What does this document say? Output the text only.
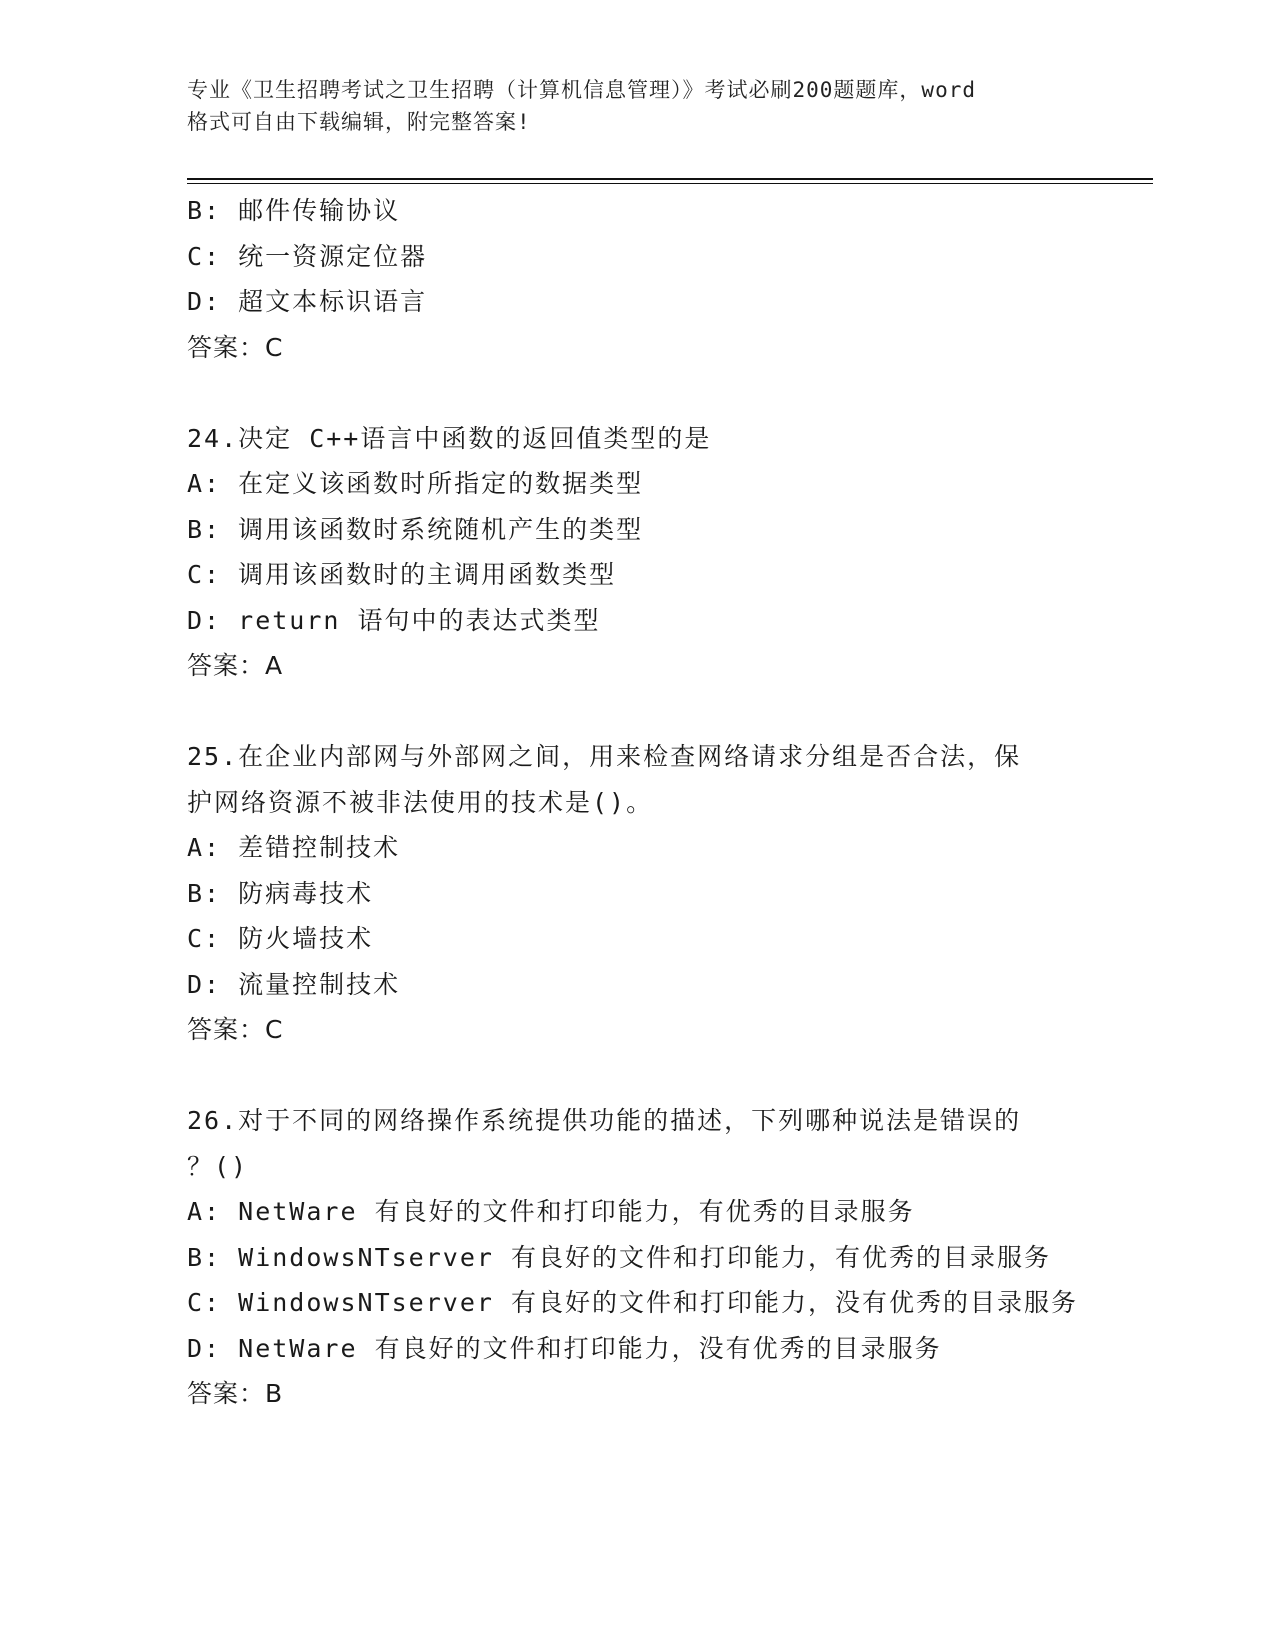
专业《卫生招聘考试之卫生招聘（计算机信息管理）》考试必刷200题题库，word
格式可自由下载编辑，附完整答案!
B: 邮件传输协议
C: 统一资源定位器
D: 超文本标识语言
答案：C
24.决定 C++语言中函数的返回值类型的是
A: 在定义该函数时所指定的数据类型
B: 调用该函数时系统随机产生的类型
C: 调用该函数时的主调用函数类型
D: return 语句中的表达式类型
答案：A
25.在企业内部网与外部网之间，用来检查网络请求分组是否合法，保
护网络资源不被非法使用的技术是()。
A: 差错控制技术
B: 防病毒技术
C: 防火墙技术
D: 流量控制技术
答案：C
26.对于不同的网络操作系统提供功能的描述，下列哪种说法是错误的
？()
A: NetWare 有良好的文件和打印能力，有优秀的目录服务
B: WindowsNTserver 有良好的文件和打印能力，有优秀的目录服务
C: WindowsNTserver 有良好的文件和打印能力，没有优秀的目录服务
D: NetWare 有良好的文件和打印能力，没有优秀的目录服务
答案：B
